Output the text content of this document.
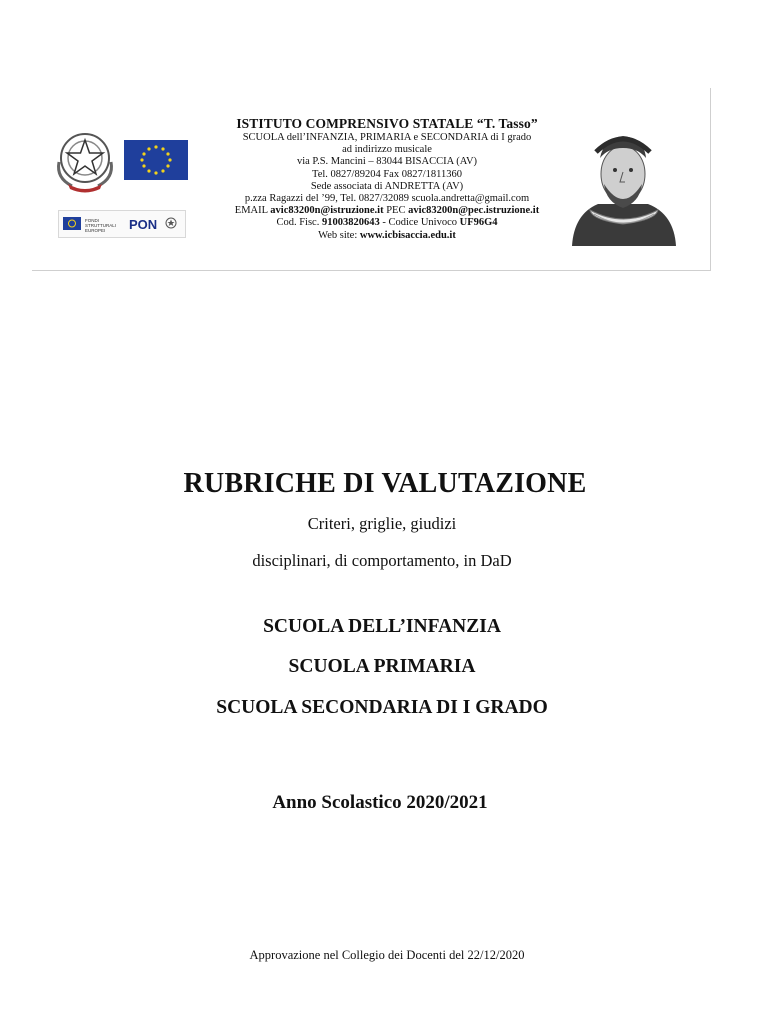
FONDI
STRUTTURALI
EUROPEI PON
ISTITUTO COMPRENSIVO STATALE “T. Tasso”
SCUOLA dell’INFANZIA, PRIMARIA e SECONDARIA di I grado
ad indirizzo musicale
via P.S. Mancini – 83044 BISACCIA (AV)
Tel. 0827/89204 Fax 0827/1811360
Sede associata di ANDRETTA (AV)
p.zza Ragazzi del ’99, Tel. 0827/32089 scuola.andretta@gmail.com
EMAIL avic83200n@istruzione.it PEC avic83200n@pec.istruzione.it
Cod. Fisc. 91003820643 - Codice Univoco UF96G4
Web site: www.icbisaccia.edu.it
RUBRICHE DI VALUTAZIONE
Criteri, griglie, giudizi
disciplinari, di comportamento, in DaD
SCUOLA DELL’INFANZIA
SCUOLA PRIMARIA
SCUOLA SECONDARIA DI I GRADO
Anno Scolastico 2020/2021
Approvazione nel Collegio dei Docenti del 22/12/2020
